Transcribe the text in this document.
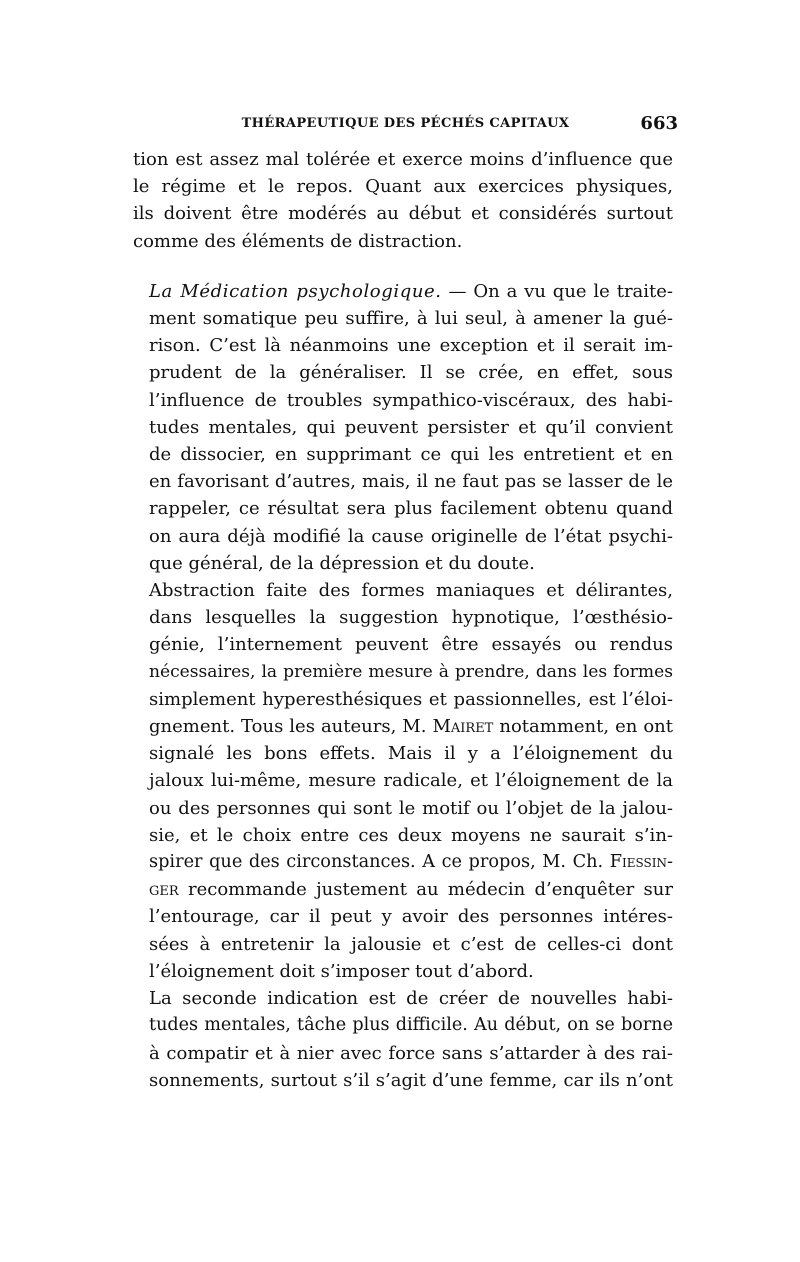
THÉRAPEUTIQUE DES PÉCHÉS CAPITAUX	663

tion est assez mal tolérée et exerce moins d’influence que
le régime et le repos. Quant aux exercices physiques,
ils doivent être modérés au début et considérés surtout
comme des éléments de distraction.

La Médication psychologique. — On a vu que le traite-
ment somatique peu suffire, à lui seul, à amener la gué-
rison. C’est là néanmoins une exception et il serait im-
prudent de la généraliser. Il se crée, en effet, sous
l’influence de troubles sympathico-viscéraux, des habi-
tudes mentales, qui peuvent persister et qu’il convient
de dissocier, en supprimant ce qui les entretient et en
en favorisant d’autres, mais, il ne faut pas se lasser de le
rappeler, ce résultat sera plus facilement obtenu quand
on aura déjà modifié la cause originelle de l’état psychi-
que général, de la dépression et du doute.

Abstraction faite des formes maniaques et délirantes,
dans lesquelles la suggestion hypnotique, l’œsthésio-
génie, l’internement peuvent être essayés ou rendus
nécessaires, la première mesure à prendre, dans les formes
simplement hyperesthésiques et passionnelles, est l’éloi-
gnement. Tous les auteurs, M. Mairet notamment, en ont
signalé les bons effets. Mais il y a l’éloignement du
jaloux lui-même, mesure radicale, et l’éloignement de la
ou des personnes qui sont le motif ou l’objet de la jalou-
sie, et le choix entre ces deux moyens ne saurait s’in-
spirer que des circonstances. A ce propos, M. Ch. Fiessin-
ger recommande justement au médecin d’enquêter sur
l’entourage, car il peut y avoir des personnes intéres-
sées à entretenir la jalousie et c’est de celles-ci dont
l’éloignement doit s’imposer tout d’abord.

La seconde indication est de créer de nouvelles habi-
tudes mentales, tâche plus difficile. Au début, on se borne
à compatir et à nier avec force sans s’attarder à des rai-
sonnements, surtout s’il s’agit d’une femme, car ils n’ont
